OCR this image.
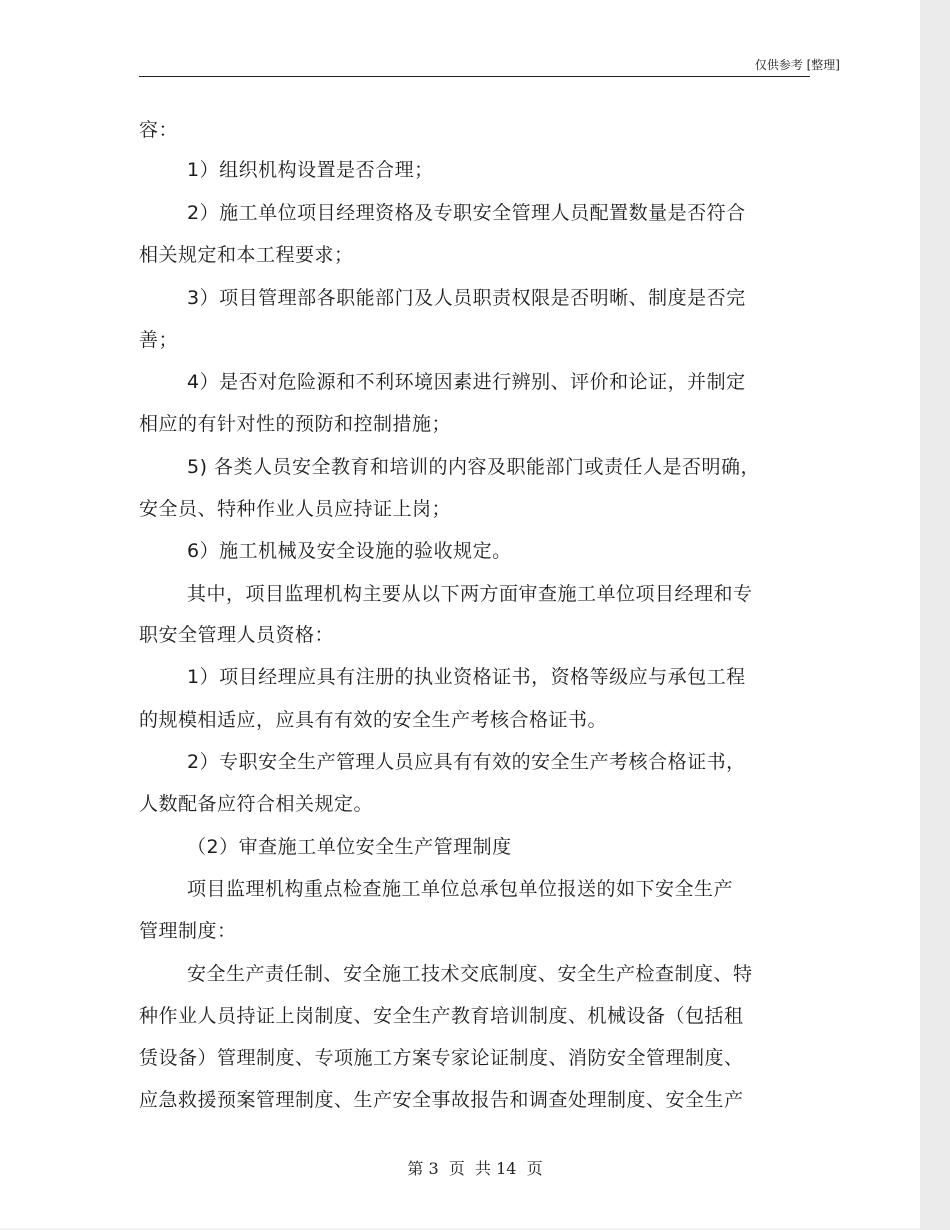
仅供参考 [整理]
容：
1）组织机构设置是否合理；
2）施工单位项目经理资格及专职安全管理人员配置数量是否符合
相关规定和本工程要求；
3）项目管理部各职能部门及人员职责权限是否明晰、制度是否完
善；
4）是否对危险源和不利环境因素进行辨别、评价和论证，并制定
相应的有针对性的预防和控制措施；
5) 各类人员安全教育和培训的内容及职能部门或责任人是否明确，
安全员、特种作业人员应持证上岗；
6）施工机械及安全设施的验收规定。
其中，项目监理机构主要从以下两方面审查施工单位项目经理和专
职安全管理人员资格：
1）项目经理应具有注册的执业资格证书，资格等级应与承包工程
的规模相适应，应具有有效的安全生产考核合格证书。
2）专职安全生产管理人员应具有有效的安全生产考核合格证书，
人数配备应符合相关规定。
（2）审查施工单位安全生产管理制度
项目监理机构重点检查施工单位总承包单位报送的如下安全生产
管理制度：
安全生产责任制、安全施工技术交底制度、安全生产检查制度、特
种作业人员持证上岗制度、安全生产教育培训制度、机械设备（包括租
赁设备）管理制度、专项施工方案专家论证制度、消防安全管理制度、
应急救援预案管理制度、生产安全事故报告和调查处理制度、安全生产
第 3  页  共 14  页
